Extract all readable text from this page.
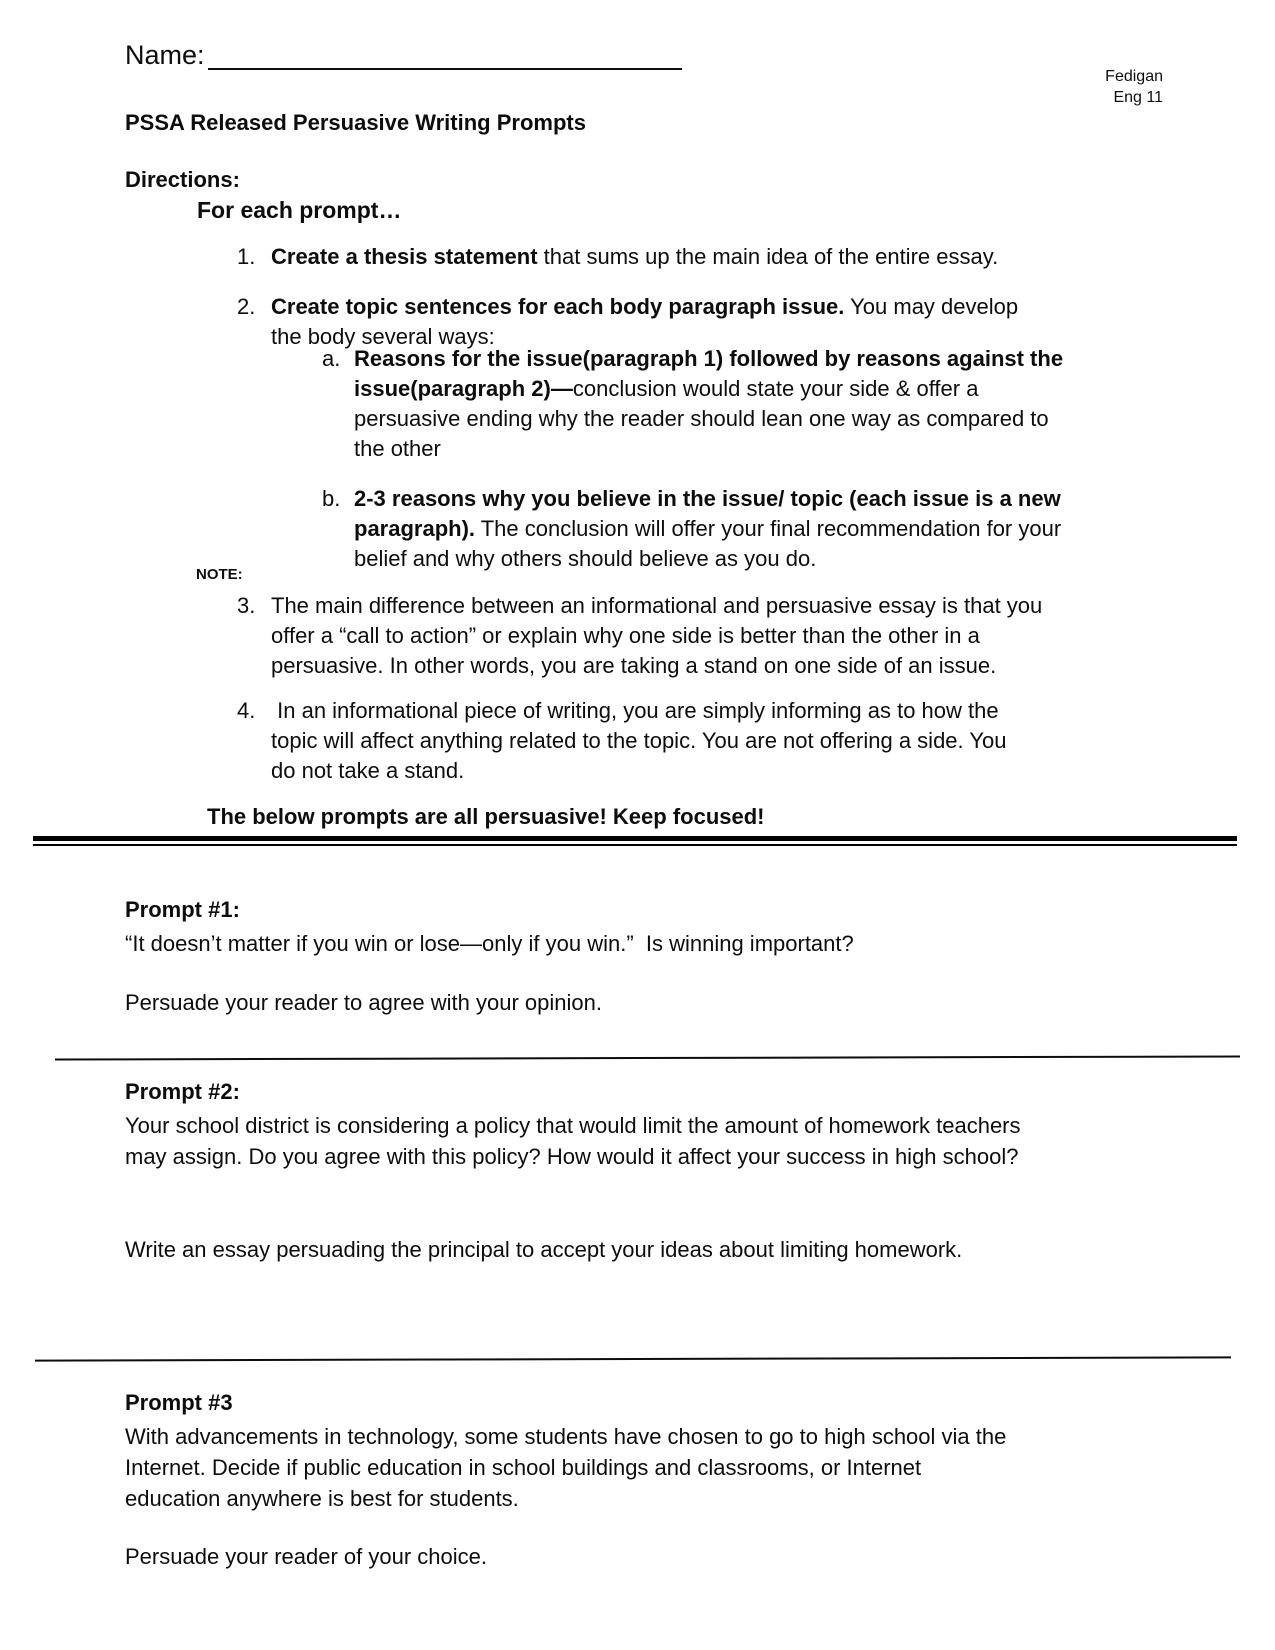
Name:
Fedigan
Eng 11
PSSA Released Persuasive Writing Prompts
Directions:
For each prompt…
1. Create a thesis statement that sums up the main idea of the entire essay.
2. Create topic sentences for each body paragraph issue. You may develop the body several ways:
a. Reasons for the issue(paragraph 1) followed by reasons against the issue(paragraph 2)—conclusion would state your side & offer a persuasive ending why the reader should lean one way as compared to the other
b. 2-3 reasons why you believe in the issue/ topic (each issue is a new paragraph). The conclusion will offer your final recommendation for your belief and why others should believe as you do.
NOTE:
3. The main difference between an informational and persuasive essay is that you offer a “call to action” or explain why one side is better than the other in a persuasive. In other words, you are taking a stand on one side of an issue.
4. In an informational piece of writing, you are simply informing as to how the topic will affect anything related to the topic. You are not offering a side. You do not take a stand.
The below prompts are all persuasive! Keep focused!
Prompt #1:
“It doesn’t matter if you win or lose—only if you win.”  Is winning important?
Persuade your reader to agree with your opinion.
Prompt #2:
Your school district is considering a policy that would limit the amount of homework teachers may assign. Do you agree with this policy? How would it affect your success in high school?
Write an essay persuading the principal to accept your ideas about limiting homework.
Prompt #3
With advancements in technology, some students have chosen to go to high school via the Internet. Decide if public education in school buildings and classrooms, or Internet education anywhere is best for students.
Persuade your reader of your choice.
